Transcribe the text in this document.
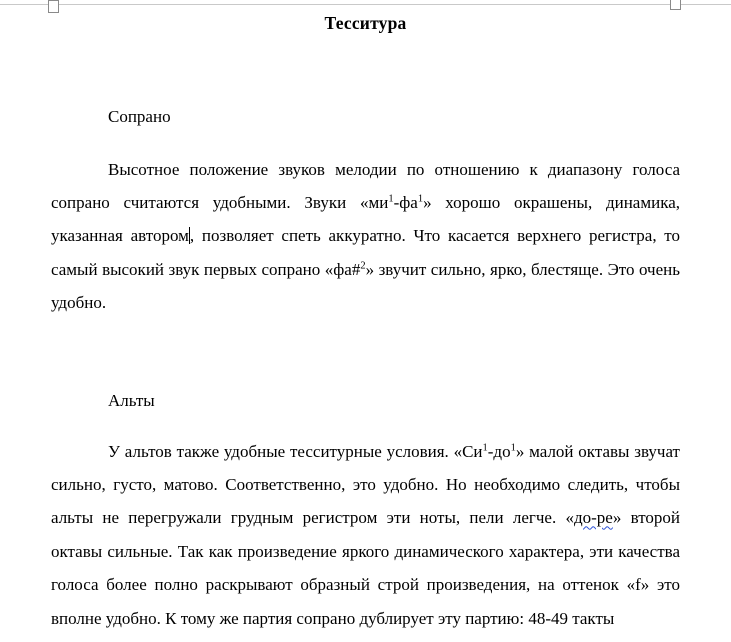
Тесситура
Сопрано

Высотное положение звуков мелодии по отношению к диапазону голоса сопрано считаются удобными. Звуки «$ми^1-фа^1$» хорошо окрашены, динамика, указанная автором, позволяет спеть аккуратно. Что касается верхнего регистра, то самый высокий звук первых сопрано «фа#$^2$» звучит сильно, ярко, блестяще. Это очень удобно.

Альты

У альтов также удобные тесситурные условия. «$Си^1-до^1$» малой октавы звучат сильно, густо, матово. Соответственно, это удобно. Но необходимо следить, чтобы альты не перегружали грудным регистром эти ноты, пели легче. «до-ре» второй октавы сильные. Так как произведение яркого динамического характера, эти качества голоса более полно раскрывают образный строй произведения, на оттенок «f» это вполне удобно. К тому же партия сопрано дублирует эту партию: 48-49 такты
